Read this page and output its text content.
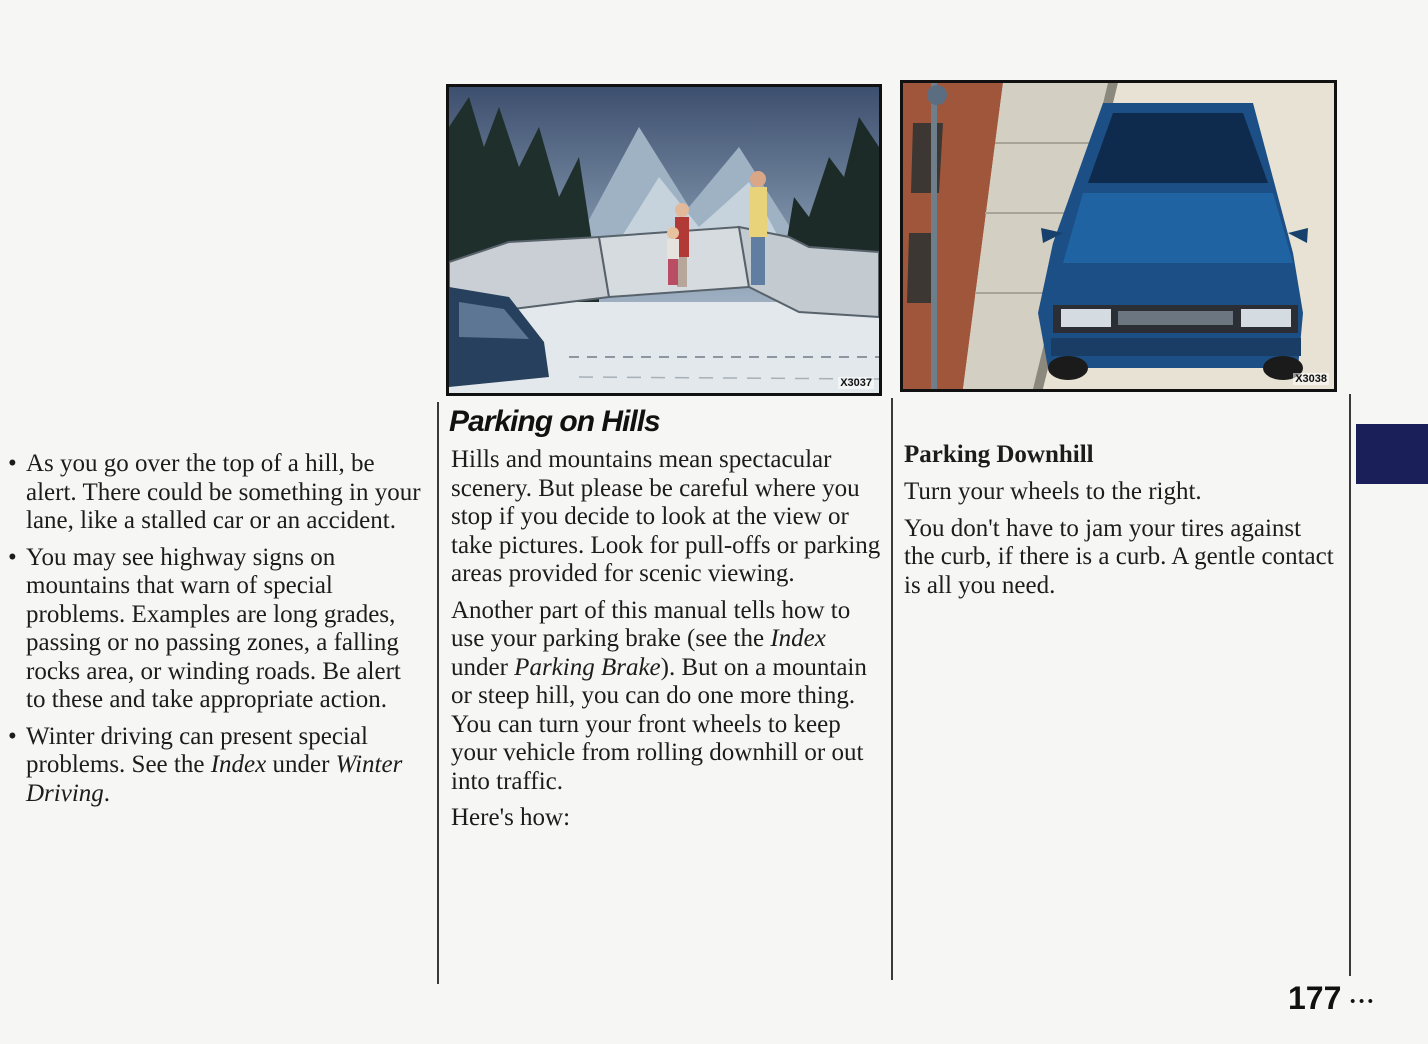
X3037	X3038
• As you go over the top of a hill, be alert. There could be something in your lane, like a stalled car or an accident.
• You may see highway signs on mountains that warn of special problems. Examples are long grades, passing or no passing zones, a falling rocks area, or winding roads. Be alert to these and take appropriate action.
• Winter driving can present special problems. See the Index under Winter Driving.
Parking on Hills

Hills and mountains mean spectacular scenery. But please be careful where you stop if you decide to look at the view or take pictures. Look for pull-offs or parking areas provided for scenic viewing.

Another part of this manual tells how to use your parking brake (see the Index under Parking Brake). But on a mountain or steep hill, you can do one more thing. You can turn your front wheels to keep your vehicle from rolling downhill or out into traffic.

Here's how:

Parking Downhill

Turn your wheels to the right.

You don't have to jam your tires against the curb, if there is a curb. A gentle contact is all you need.

177 • • •
